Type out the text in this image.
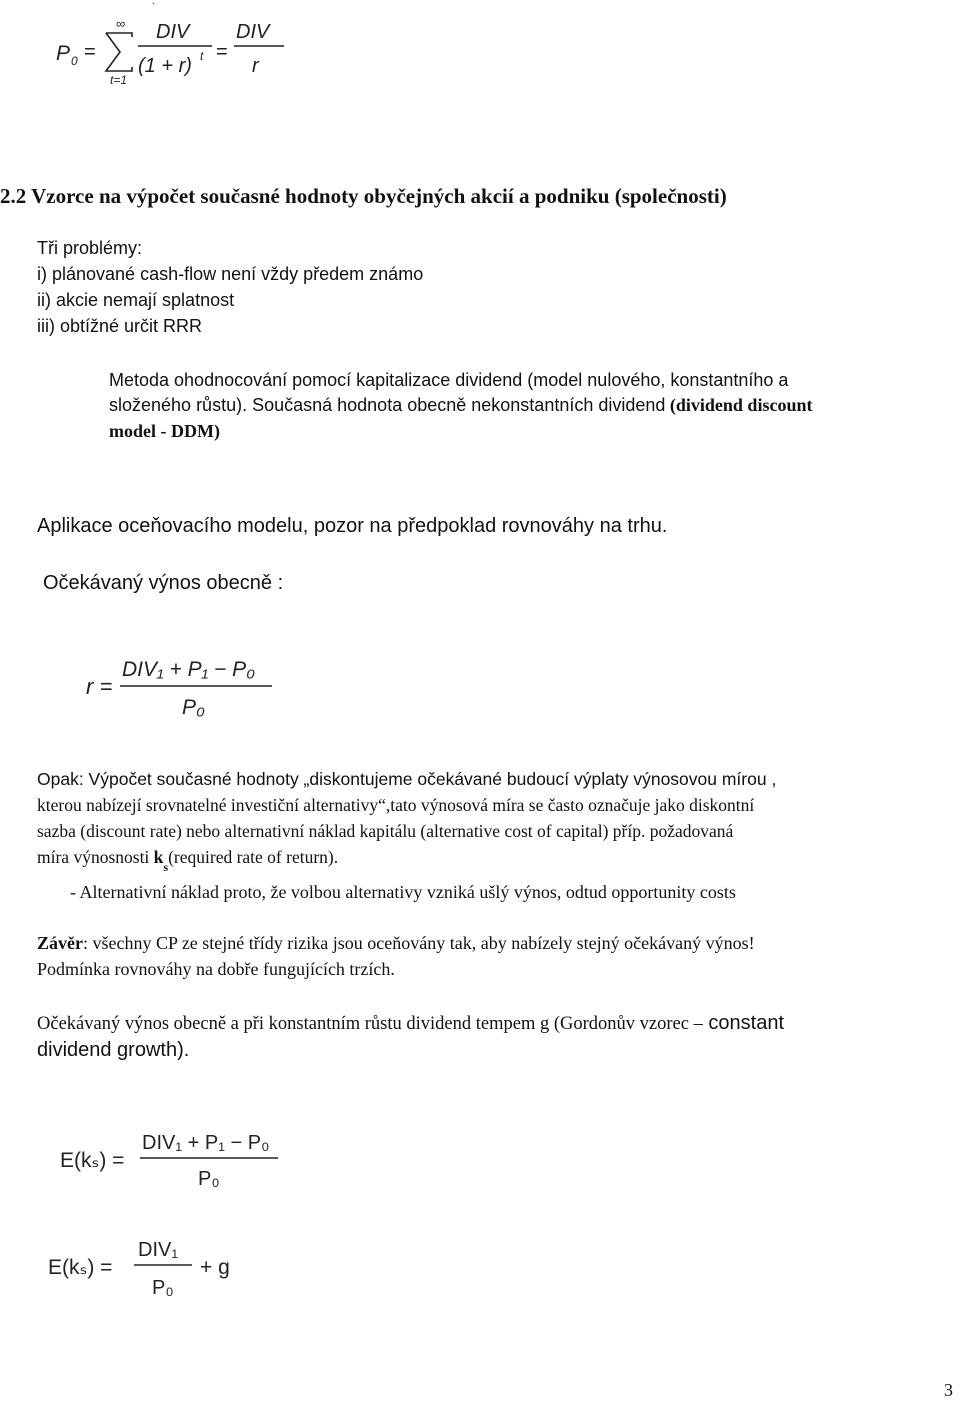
.
P 0 =
∞
t=1
DIV
(1 + r) t =
DIV
r
2.2 Vzorce na výpočet současné hodnoty obyčejných akcií a podniku (společnosti)
Tři problémy:
i) plánované cash-flow není vždy předem známo
ii) akcie nemají splatnost
iii) obtížné určit RRR
Metoda ohodnocování pomocí kapitalizace dividend (model nulového, konstantního a
složeného růstu). Současná hodnota obecně nekonstantních dividend (dividend discount
model - DDM)
Aplikace oceňovacího modelu, pozor na předpoklad rovnováhy na trhu.
Očekávaný výnos obecně :
r =
DIV₁ + P₁ − P₀
P₀
Opak: Výpočet současné hodnoty „diskontujeme očekávané budoucí výplaty výnosovou mírou ,
kterou nabízejí srovnatelné investiční alternativy“,tato výnosová míra se často označuje jako diskontní
sazba (discount rate) nebo alternativní náklad kapitálu (alternative cost of capital) příp. požadovaná
míra výnosnosti $k_s(required$ rate of return).
- Alternativní náklad proto, že volbou alternativy vzniká ušlý výnos, odtud opportunity costs
Závěr: všechny CP ze stejné třídy rizika jsou oceňovány tak, aby nabízely stejný očekávaný výnos!
Podmínka rovnováhy na dobře fungujících trzích.
Očekávaný výnos obecně a při konstantním růstu dividend tempem g (Gordonův vzorec – constant
dividend growth).
E(kₛ) =
DIV₁ + P₁ − P₀
P₀
E(kₛ) =
DIV₁
P₀
+ g
3
